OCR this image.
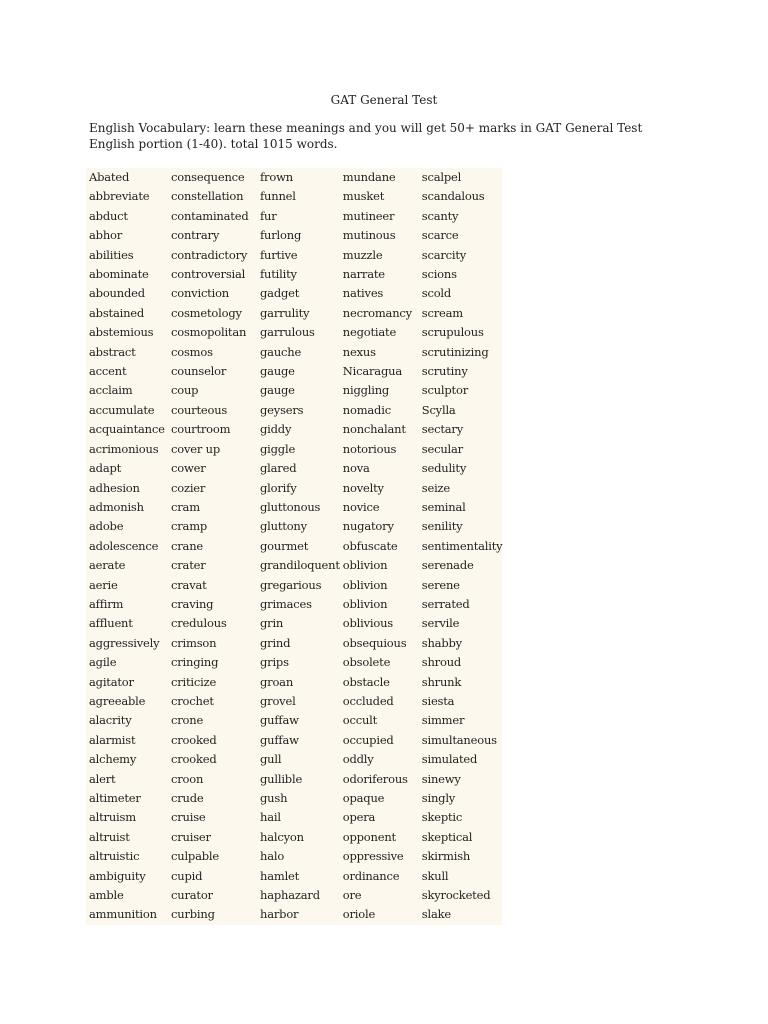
GAT General Test
English Vocabulary: learn these meanings and you will get 50+ marks in GAT General Test English portion (1-40). total 1015 words.
Abated	consequence	frown	mundane	scalpel
abbreviate	constellation	funnel	musket	scandalous
abduct	contaminated	fur	mutineer	scanty
abhor	contrary	furlong	mutinous	scarce
abilities	contradictory	furtive	muzzle	scarcity
abominate	controversial	futility	narrate	scions
abounded	conviction	gadget	natives	scold
abstained	cosmetology	garrulity	necromancy	scream
abstemious	cosmopolitan	garrulous	negotiate	scrupulous
abstract	cosmos	gauche	nexus	scrutinizing
accent	counselor	gauge	Nicaragua	scrutiny
acclaim	coup	gauge	niggling	sculptor
accumulate	courteous	geysers	nomadic	Scylla
acquaintance	courtroom	giddy	nonchalant	sectary
acrimonious	cover up	giggle	notorious	secular
adapt	cower	glared	nova	sedulity
adhesion	cozier	glorify	novelty	seize
admonish	cram	gluttonous	novice	seminal
adobe	cramp	gluttony	nugatory	senility
adolescence	crane	gourmet	obfuscate	sentimentality
aerate	crater	grandiloquent	oblivion	serenade
aerie	cravat	gregarious	oblivion	serene
affirm	craving	grimaces	oblivion	serrated
affluent	credulous	grin	oblivious	servile
aggressively	crimson	grind	obsequious	shabby
agile	cringing	grips	obsolete	shroud
agitator	criticize	groan	obstacle	shrunk
agreeable	crochet	grovel	occluded	siesta
alacrity	crone	guffaw	occult	simmer
alarmist	crooked	guffaw	occupied	simultaneous
alchemy	crooked	gull	oddly	simulated
alert	croon	gullible	odoriferous	sinewy
altimeter	crude	gush	opaque	singly
altruism	cruise	hail	opera	skeptic
altruist	cruiser	halcyon	opponent	skeptical
altruistic	culpable	halo	oppressive	skirmish
ambiguity	cupid	hamlet	ordinance	skull
amble	curator	haphazard	ore	skyrocketed
ammunition	curbing	harbor	oriole	slake
